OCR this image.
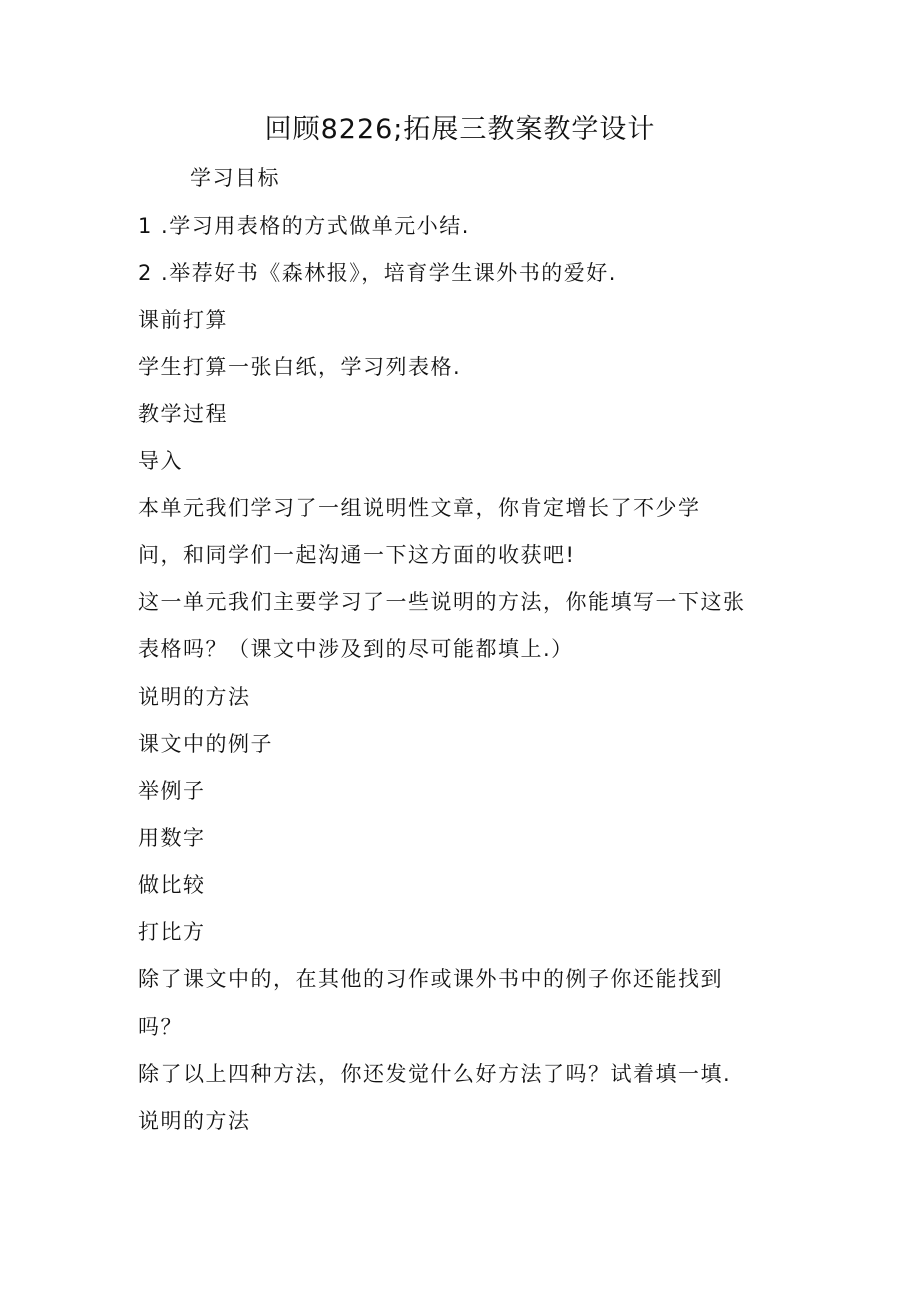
回顾8226;拓展三教案教学设计
学习目标
1 .学习用表格的方式做单元小结.
2 .举荐好书《森林报》，培育学生课外书的爱好.
课前打算
学生打算一张白纸，学习列表格.
教学过程
导入
本单元我们学习了一组说明性文章，你肯定增长了不少学
问，和同学们一起沟通一下这方面的收获吧!
这一单元我们主要学习了一些说明的方法，你能填写一下这张
表格吗？（课文中涉及到的尽可能都填上.）
说明的方法
课文中的例子
举例子
用数字
做比较
打比方
除了课文中的，在其他的习作或课外书中的例子你还能找到
吗？
除了以上四种方法，你还发觉什么好方法了吗？试着填一填.
说明的方法
